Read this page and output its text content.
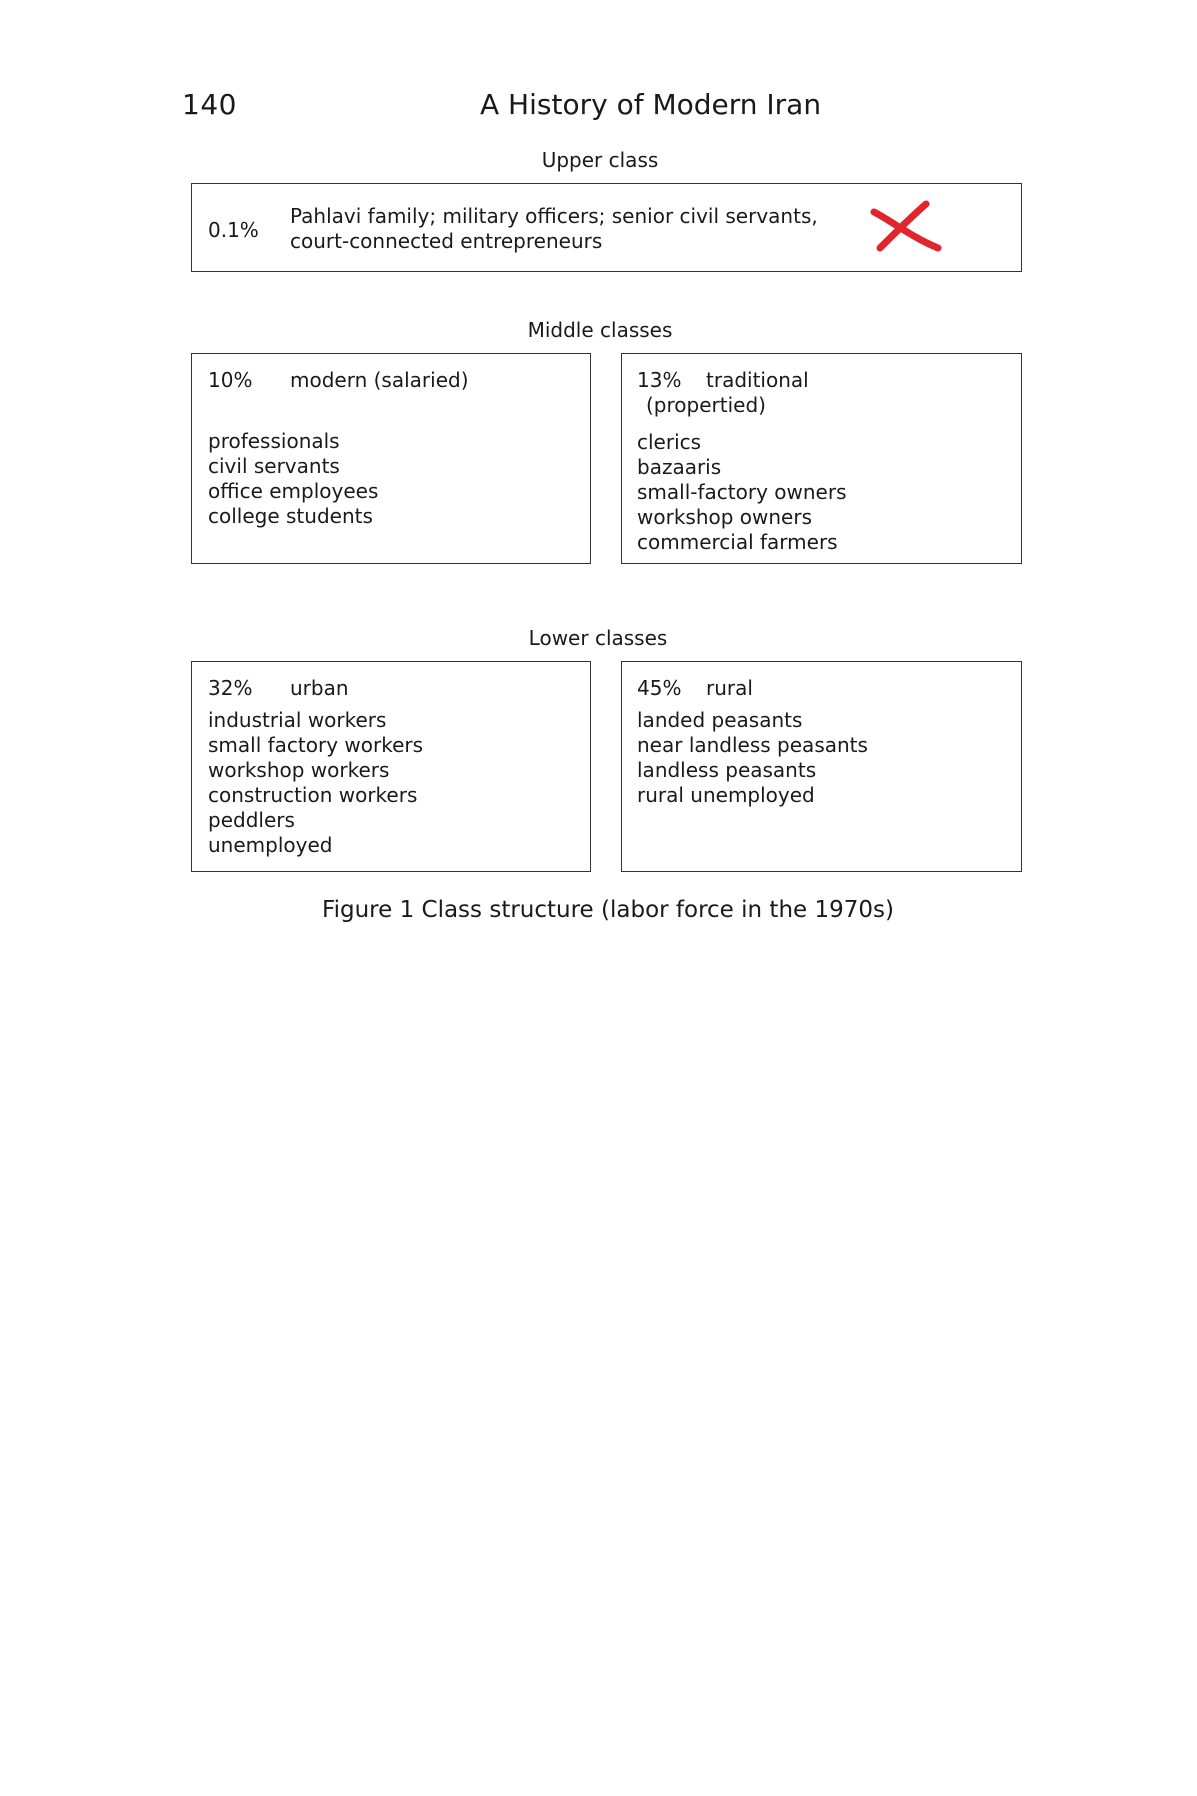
140	A History of Modern Iran
Upper class
0.1%
Pahlavi family; military officers; senior civil servants,
court-connected entrepreneurs
Middle classes
10% modern (salaried)
professionals
civil servants
office employees
college students
13% traditional
(propertied)
clerics
bazaaris
small-factory owners
workshop owners
commercial farmers
Lower classes
32% urban
industrial workers
small factory workers
workshop workers
construction workers
peddlers
unemployed
45% rural
landed peasants
near landless peasants
landless peasants
rural unemployed
Figure 1 Class structure (labor force in the 1970s)
